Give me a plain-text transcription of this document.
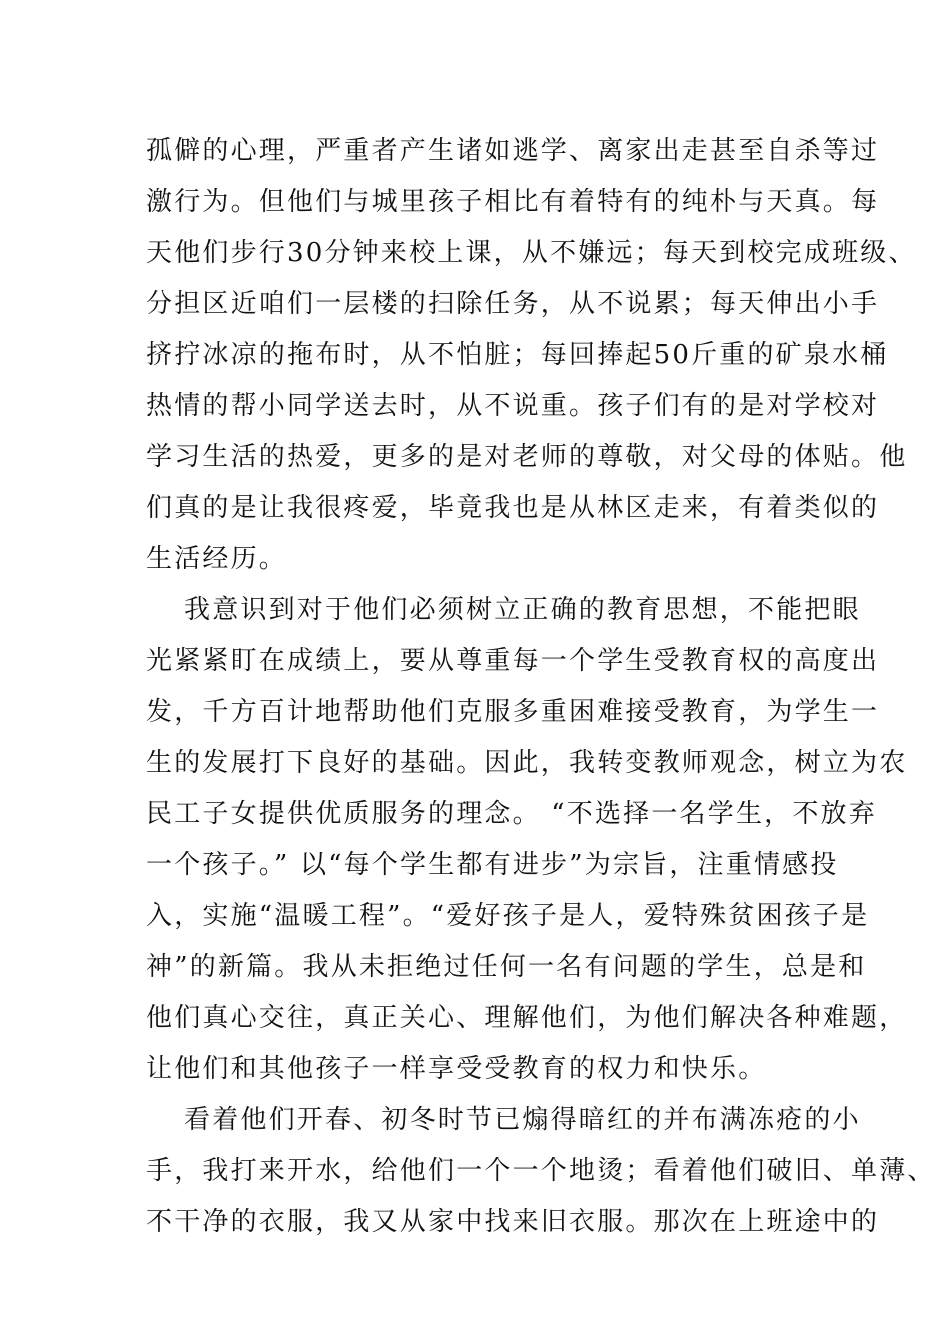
孤僻的心理，严重者产生诸如逃学、离家出走甚至自杀等过
激行为。但他们与城里孩子相比有着特有的纯朴与天真。每
天他们步行30分钟来校上课，从不嫌远；每天到校完成班级、
分担区近咱们一层楼的扫除任务，从不说累；每天伸出小手
挤拧冰凉的拖布时，从不怕脏；每回捧起50斤重的矿泉水桶
热情的帮小同学送去时，从不说重。孩子们有的是对学校对
学习生活的热爱，更多的是对老师的尊敬，对父母的体贴。他
们真的是让我很疼爱，毕竟我也是从林区走来，有着类似的
生活经历。
我意识到对于他们必须树立正确的教育思想，不能把眼
光紧紧盯在成绩上，要从尊重每一个学生受教育权的高度出
发，千方百计地帮助他们克服多重困难接受教育，为学生一
生的发展打下良好的基础。因此，我转变教师观念，树立为农
民工子女提供优质服务的理念。 “不选择一名学生，不放弃
一个孩子。” 以“每个学生都有进步”为宗旨，注重情感投
入，实施“温暖工程”。“爱好孩子是人，爱特殊贫困孩子是
神”的新篇。我从未拒绝过任何一名有问题的学生，总是和
他们真心交往，真正关心、理解他们，为他们解决各种难题，
让他们和其他孩子一样享受受教育的权力和快乐。
看着他们开春、初冬时节已煽得暗红的并布满冻疮的小
手，我打来开水，给他们一个一个地烫；看着他们破旧、单薄、
不干净的衣服，我又从家中找来旧衣服。那次在上班途中的
